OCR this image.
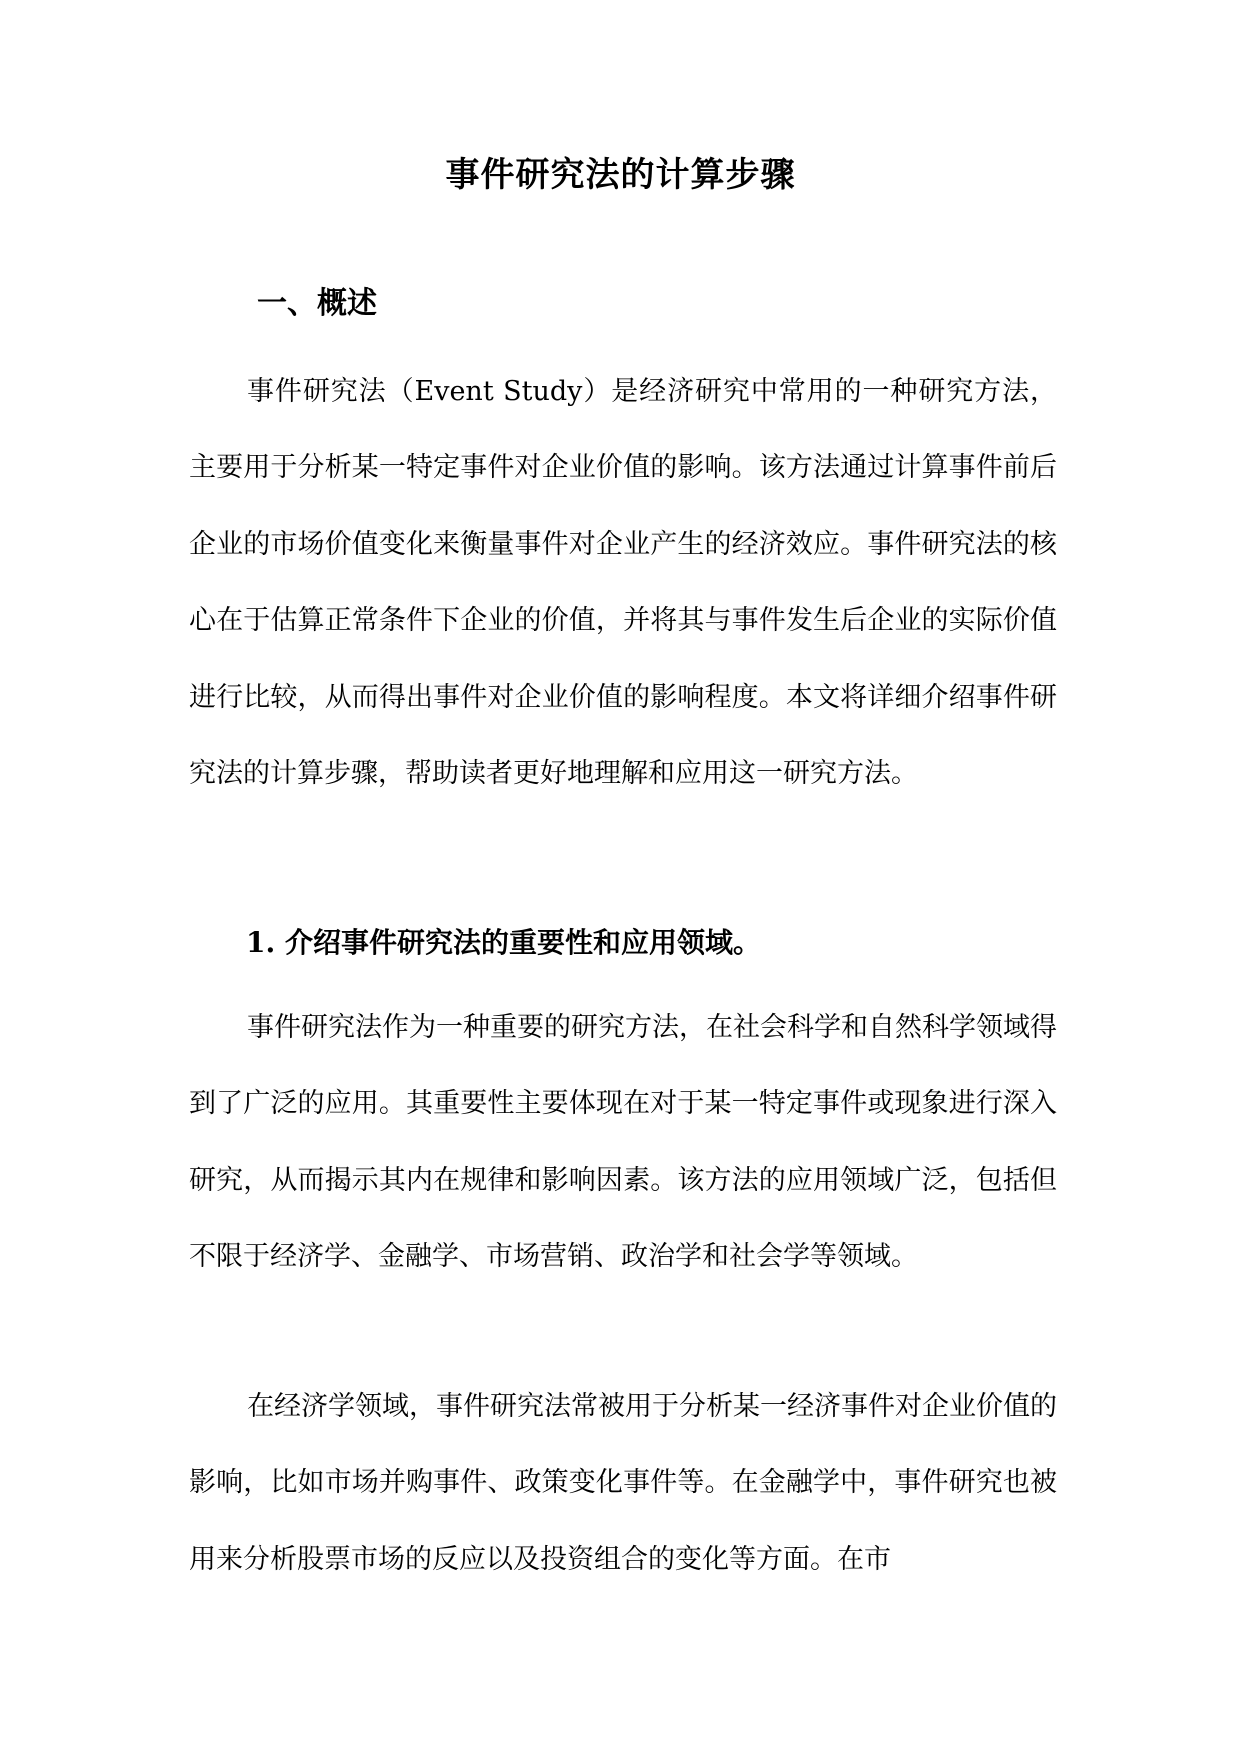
事件研究法的计算步骤
一、概述

事件研究法（Event Study）是经济研究中常用的一种研究方法，主要用于分析某一特定事件对企业价值的影响。该方法通过计算事件前后企业的市场价值变化来衡量事件对企业产生的经济效应。事件研究法的核心在于估算正常条件下企业的价值，并将其与事件发生后企业的实际价值进行比较，从而得出事件对企业价值的影响程度。本文将详细介绍事件研究法的计算步骤，帮助读者更好地理解和应用这一研究方法。

1. 介绍事件研究法的重要性和应用领域。

事件研究法作为一种重要的研究方法，在社会科学和自然科学领域得到了广泛的应用。其重要性主要体现在对于某一特定事件或现象进行深入研究，从而揭示其内在规律和影响因素。该方法的应用领域广泛，包括但不限于经济学、金融学、市场营销、政治学和社会学等领域。

在经济学领域，事件研究法常被用于分析某一经济事件对企业价值的影响，比如市场并购事件、政策变化事件等。在金融学中，事件研究也被用来分析股票市场的反应以及投资组合的变化等方面。在市
